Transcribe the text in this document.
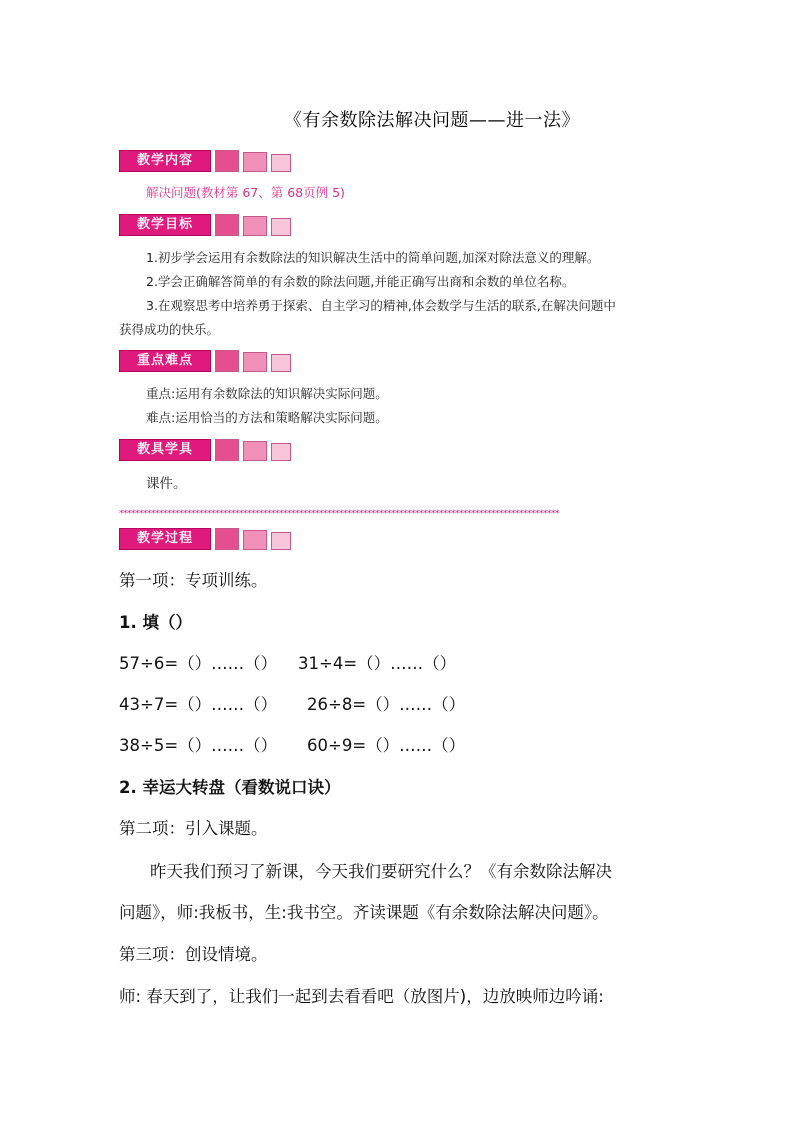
《有余数除法解决问题——进一法》
教学内容
解决问题(教材第 67、第 68页例 5)
教学目标
1.初步学会运用有余数除法的知识解决生活中的简单问题,加深对除法意义的理解。
2.学会正确解答简单的有余数的除法问题,并能正确写出商和余数的单位名称。
3.在观察思考中培养勇于探索、自主学习的精神,体会数学与生活的联系,在解决问题中
获得成功的快乐。
重点难点
重点:运用有余数除法的知识解决实际问题。
难点:运用恰当的方法和策略解决实际问题。
教具学具
课件。
**************************************************************************************************************
教学过程
第一项：专项训练。
1. 填（）
57÷6=（）……（） 31÷4=（）……（）
43÷7=（）……（） 26÷8=（）……（）
38÷5=（）……（） 60÷9=（）……（）
2. 幸运大转盘（看数说口诀）
第二项：引入课题。
昨天我们预习了新课，今天我们要研究什么？《有余数除法解决
问题》，师:我板书，生:我书空。齐读课题《有余数除法解决问题》。
第三项：创设情境。
师: 春天到了，让我们一起到去看看吧（放图片)，边放映师边吟诵:
